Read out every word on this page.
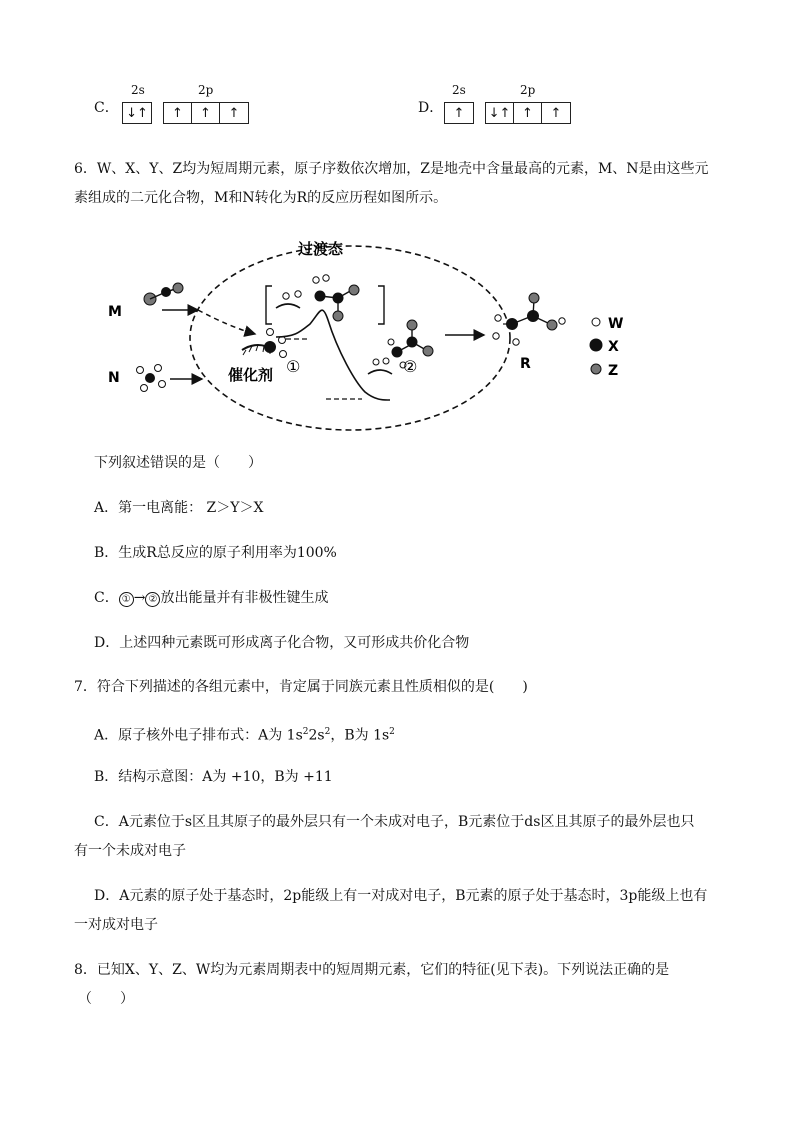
C．
2s	2p
↓↑	↑	↑	↑	D．
2s	2p
↑	↓↑ ↑	↑
6．W、X、Y、Z均为短周期元素，原子序数依次增加，Z是地壳中含量最高的元素，M、N是由这些元
素组成的二元化合物，M和N转化为R的反应历程如图所示。
过渡态
M
N	催化剂 ①	②	R
W
X
Z
下列叙述错误的是（　　）
A．第一电离能： Z＞Y＞X
B．生成R总反应的原子利用率为100%
C． ① → ② 放出能量并有非极性键生成
D．上述四种元素既可形成离子化合物，又可形成共价化合物
7．符合下列描述的各组元素中，肯定属于同族元素且性质相似的是(　　)
A．原子核外电子排布式：A为 $1s^22s^2$，B为 $1s^2$
B．结构示意图：A为 +10，B为 +11
C．A元素位于s区且其原子的最外层只有一个未成对电子，B元素位于ds区且其原子的最外层也只
有一个未成对电子
D．A元素的原子处于基态时，2p能级上有一对成对电子，B元素的原子处于基态时，3p能级上也有
一对成对电子
8．已知X、Y、Z、W均为元素周期表中的短周期元素，它们的特征(见下表)。下列说法正确的是
（　　）
